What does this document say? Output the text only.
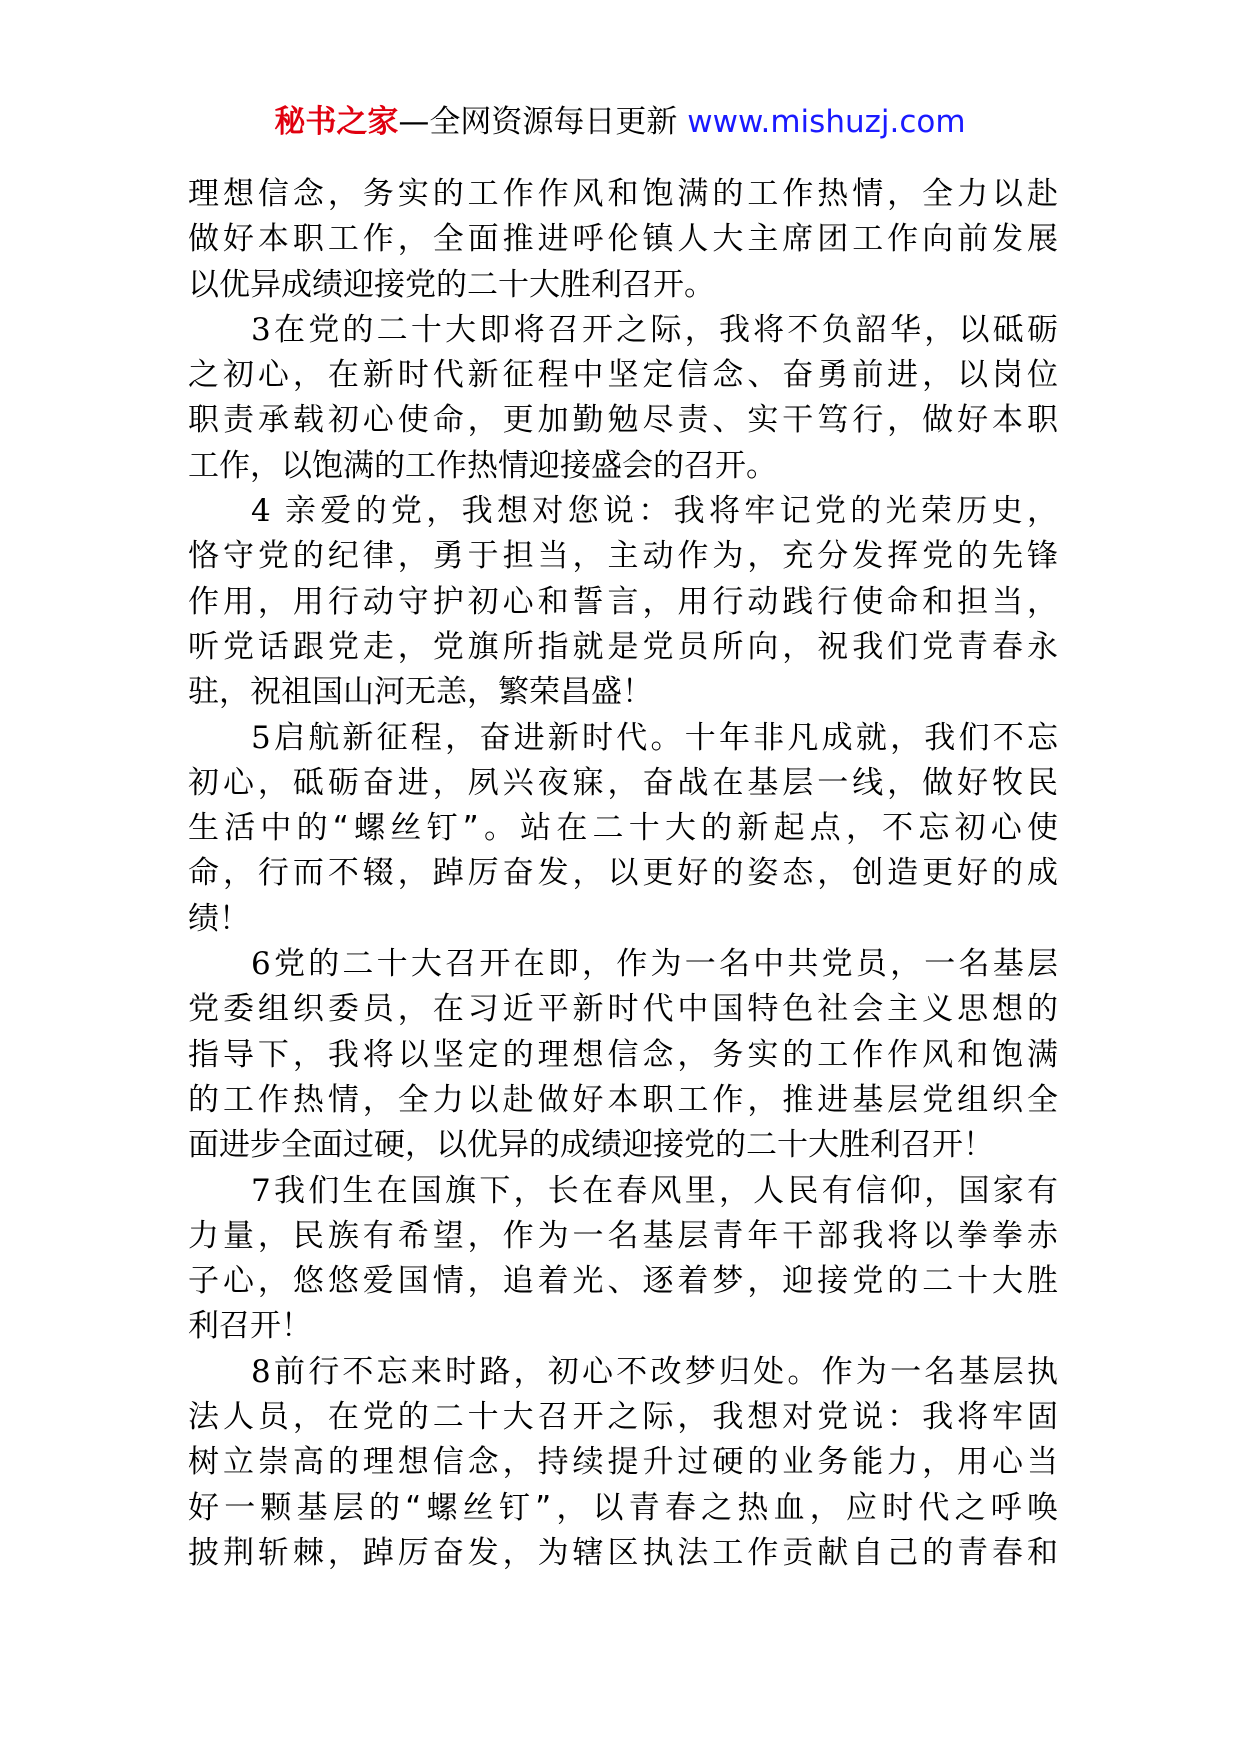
秘书之家—全网资源每日更新 www.mishuzj.com

理想信念，务实的工作作风和饱满的工作热情，全力以赴
做好本职工作，全面推进呼伦镇人大主席团工作向前发展
以优异成绩迎接党的二十大胜利召开。

3在党的二十大即将召开之际，我将不负韶华，以砥砺
之初心，在新时代新征程中坚定信念、奋勇前进，以岗位
职责承载初心使命，更加勤勉尽责、实干笃行，做好本职
工作，以饱满的工作热情迎接盛会的召开。

4 亲爱的党，我想对您说：我将牢记党的光荣历史，
恪守党的纪律，勇于担当，主动作为，充分发挥党的先锋
作用，用行动守护初心和誓言，用行动践行使命和担当，
听党话跟党走，党旗所指就是党员所向，祝我们党青春永
驻，祝祖国山河无恙，繁荣昌盛！

5启航新征程，奋进新时代。十年非凡成就，我们不忘
初心，砥砺奋进，夙兴夜寐，奋战在基层一线，做好牧民
生活中的“螺丝钉”。站在二十大的新起点，不忘初心使
命，行而不辍，踔厉奋发，以更好的姿态，创造更好的成
绩！

6党的二十大召开在即，作为一名中共党员，一名基层
党委组织委员，在习近平新时代中国特色社会主义思想的
指导下，我将以坚定的理想信念，务实的工作作风和饱满
的工作热情，全力以赴做好本职工作，推进基层党组织全
面进步全面过硬，以优异的成绩迎接党的二十大胜利召开！

7我们生在国旗下，长在春风里，人民有信仰，国家有
力量，民族有希望，作为一名基层青年干部我将以拳拳赤
子心，悠悠爱国情，追着光、逐着梦，迎接党的二十大胜
利召开！

8前行不忘来时路，初心不改梦归处。作为一名基层执
法人员，在党的二十大召开之际，我想对党说：我将牢固
树立崇高的理想信念，持续提升过硬的业务能力，用心当
好一颗基层的“螺丝钉”，以青春之热血，应时代之呼唤
披荆斩棘，踔厉奋发，为辖区执法工作贡献自己的青春和
